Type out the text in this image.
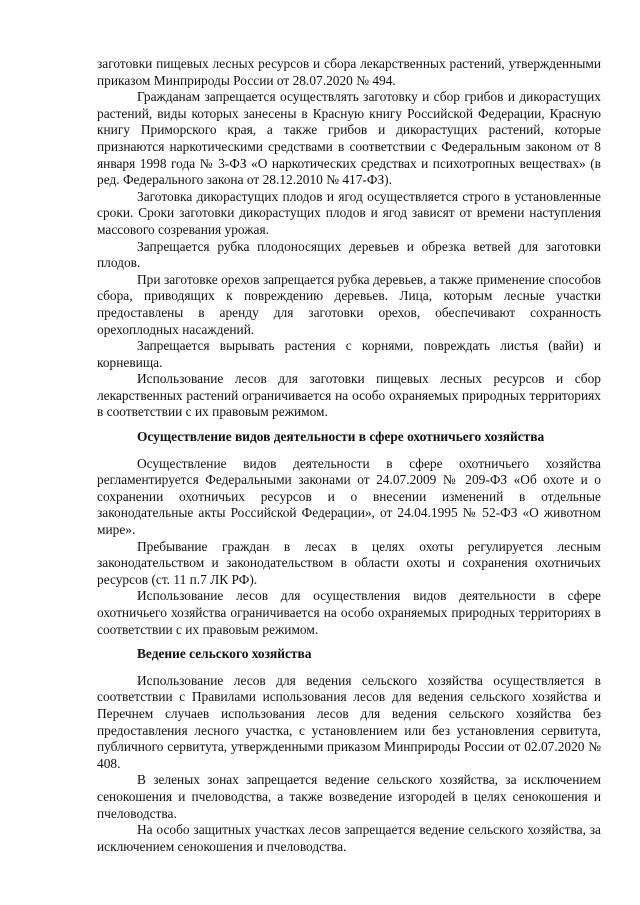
заготовки пищевых лесных ресурсов и сбора лекарственных растений, утвержденными приказом Минприроды России от 28.07.2020 № 494.

Гражданам запрещается осуществлять заготовку и сбор грибов и дикорастущих растений, виды которых занесены в Красную книгу Российской Федерации, Красную книгу Приморского края, а также грибов и дикорастущих растений, которые признаются наркотическими средствами в соответствии с Федеральным законом от 8 января 1998 года № 3-ФЗ «О наркотических средствах и психотропных веществах» (в ред. Федерального закона от 28.12.2010 № 417-ФЗ).

Заготовка дикорастущих плодов и ягод осуществляется строго в установленные сроки. Сроки заготовки дикорастущих плодов и ягод зависят от времени наступления массового созревания урожая.

Запрещается рубка плодоносящих деревьев и обрезка ветвей для заготовки плодов.

При заготовке орехов запрещается рубка деревьев, а также применение способов сбора, приводящих к повреждению деревьев. Лица, которым лесные участки предоставлены в аренду для заготовки орехов, обеспечивают сохранность орехоплодных насаждений.

Запрещается вырывать растения с корнями, повреждать листья (вайи) и корневища.

Использование лесов для заготовки пищевых лесных ресурсов и сбор лекарственных растений ограничивается на особо охраняемых природных территориях в соответствии с их правовым режимом.

Осуществление видов деятельности в сфере охотничьего хозяйства

Осуществление видов деятельности в сфере охотничьего хозяйства регламентируется Федеральными законами от 24.07.2009 № 209-ФЗ «Об охоте и о сохранении охотничьих ресурсов и о внесении изменений в отдельные законодательные акты Российской Федерации», от 24.04.1995 № 52-ФЗ «О животном мире».

Пребывание граждан в лесах в целях охоты регулируется лесным законодательством и законодательством в области охоты и сохранения охотничьих ресурсов (ст. 11 п.7 ЛК РФ).

Использование лесов для осуществления видов деятельности в сфере охотничьего хозяйства ограничивается на особо охраняемых природных территориях в соответствии с их правовым режимом.

Ведение сельского хозяйства

Использование лесов для ведения сельского хозяйства осуществляется в соответствии с Правилами использования лесов для ведения сельского хозяйства и Перечнем случаев использования лесов для ведения сельского хозяйства без предоставления лесного участка, с установлением или без установления сервитута, публичного сервитута, утвержденными приказом Минприроды России от 02.07.2020 № 408.

В зеленых зонах запрещается ведение сельского хозяйства, за исключением сенокошения и пчеловодства, а также возведение изгородей в целях сенокошения и пчеловодства.

На особо защитных участках лесов запрещается ведение сельского хозяйства, за исключением сенокошения и пчеловодства.
